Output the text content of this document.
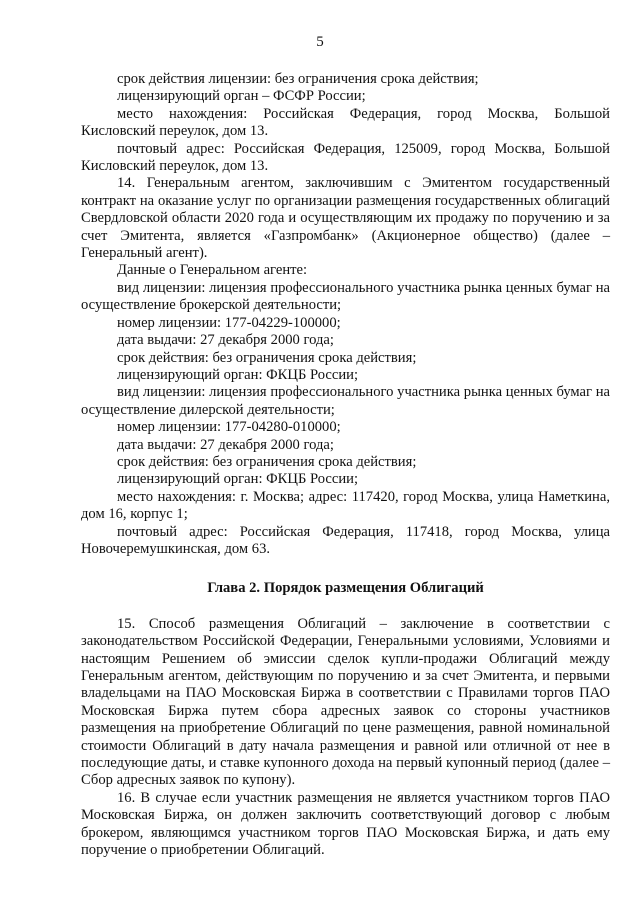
5

срок действия лицензии: без ограничения срока действия;

лицензирующий орган – ФСФР России;

место нахождения: Российская Федерация, город Москва, Большой Кисловский переулок, дом 13.

почтовый адрес: Российская Федерация, 125009, город Москва, Большой Кисловский переулок, дом 13.

14. Генеральным агентом, заключившим с Эмитентом государственный контракт на оказание услуг по организации размещения государственных облигаций Свердловской области 2020 года и осуществляющим их продажу по поручению и за счет Эмитента, является «Газпромбанк» (Акционерное общество) (далее – Генеральный агент).

Данные о Генеральном агенте:

вид лицензии: лицензия профессионального участника рынка ценных бумаг на осуществление брокерской деятельности;

номер лицензии: 177-04229-100000;

дата выдачи: 27 декабря 2000 года;

срок действия: без ограничения срока действия;

лицензирующий орган: ФКЦБ России;

вид лицензии: лицензия профессионального участника рынка ценных бумаг на осуществление дилерской деятельности;

номер лицензии: 177-04280-010000;

дата выдачи: 27 декабря 2000 года;

срок действия: без ограничения срока действия;

лицензирующий орган: ФКЦБ России;

место нахождения: г. Москва; адрес: 117420, город Москва, улица Наметкина, дом 16, корпус 1;

почтовый адрес: Российская Федерация, 117418, город Москва, улица Новочеремушкинская, дом 63.

Глава 2. Порядок размещения Облигаций

15. Способ размещения Облигаций – заключение в соответствии с законодательством Российской Федерации, Генеральными условиями, Условиями и настоящим Решением об эмиссии сделок купли-продажи Облигаций между Генеральным агентом, действующим по поручению и за счет Эмитента, и первыми владельцами на ПАО Московская Биржа в соответствии с Правилами торгов ПАО Московская Биржа путем сбора адресных заявок со стороны участников размещения на приобретение Облигаций по цене размещения, равной номинальной стоимости Облигаций в дату начала размещения и равной или отличной от нее в последующие даты, и ставке купонного дохода на первый купонный период (далее – Сбор адресных заявок по купону).

16. В случае если участник размещения не является участником торгов ПАО Московская Биржа, он должен заключить соответствующий договор с любым брокером, являющимся участником торгов ПАО Московская Биржа, и дать ему поручение о приобретении Облигаций.
